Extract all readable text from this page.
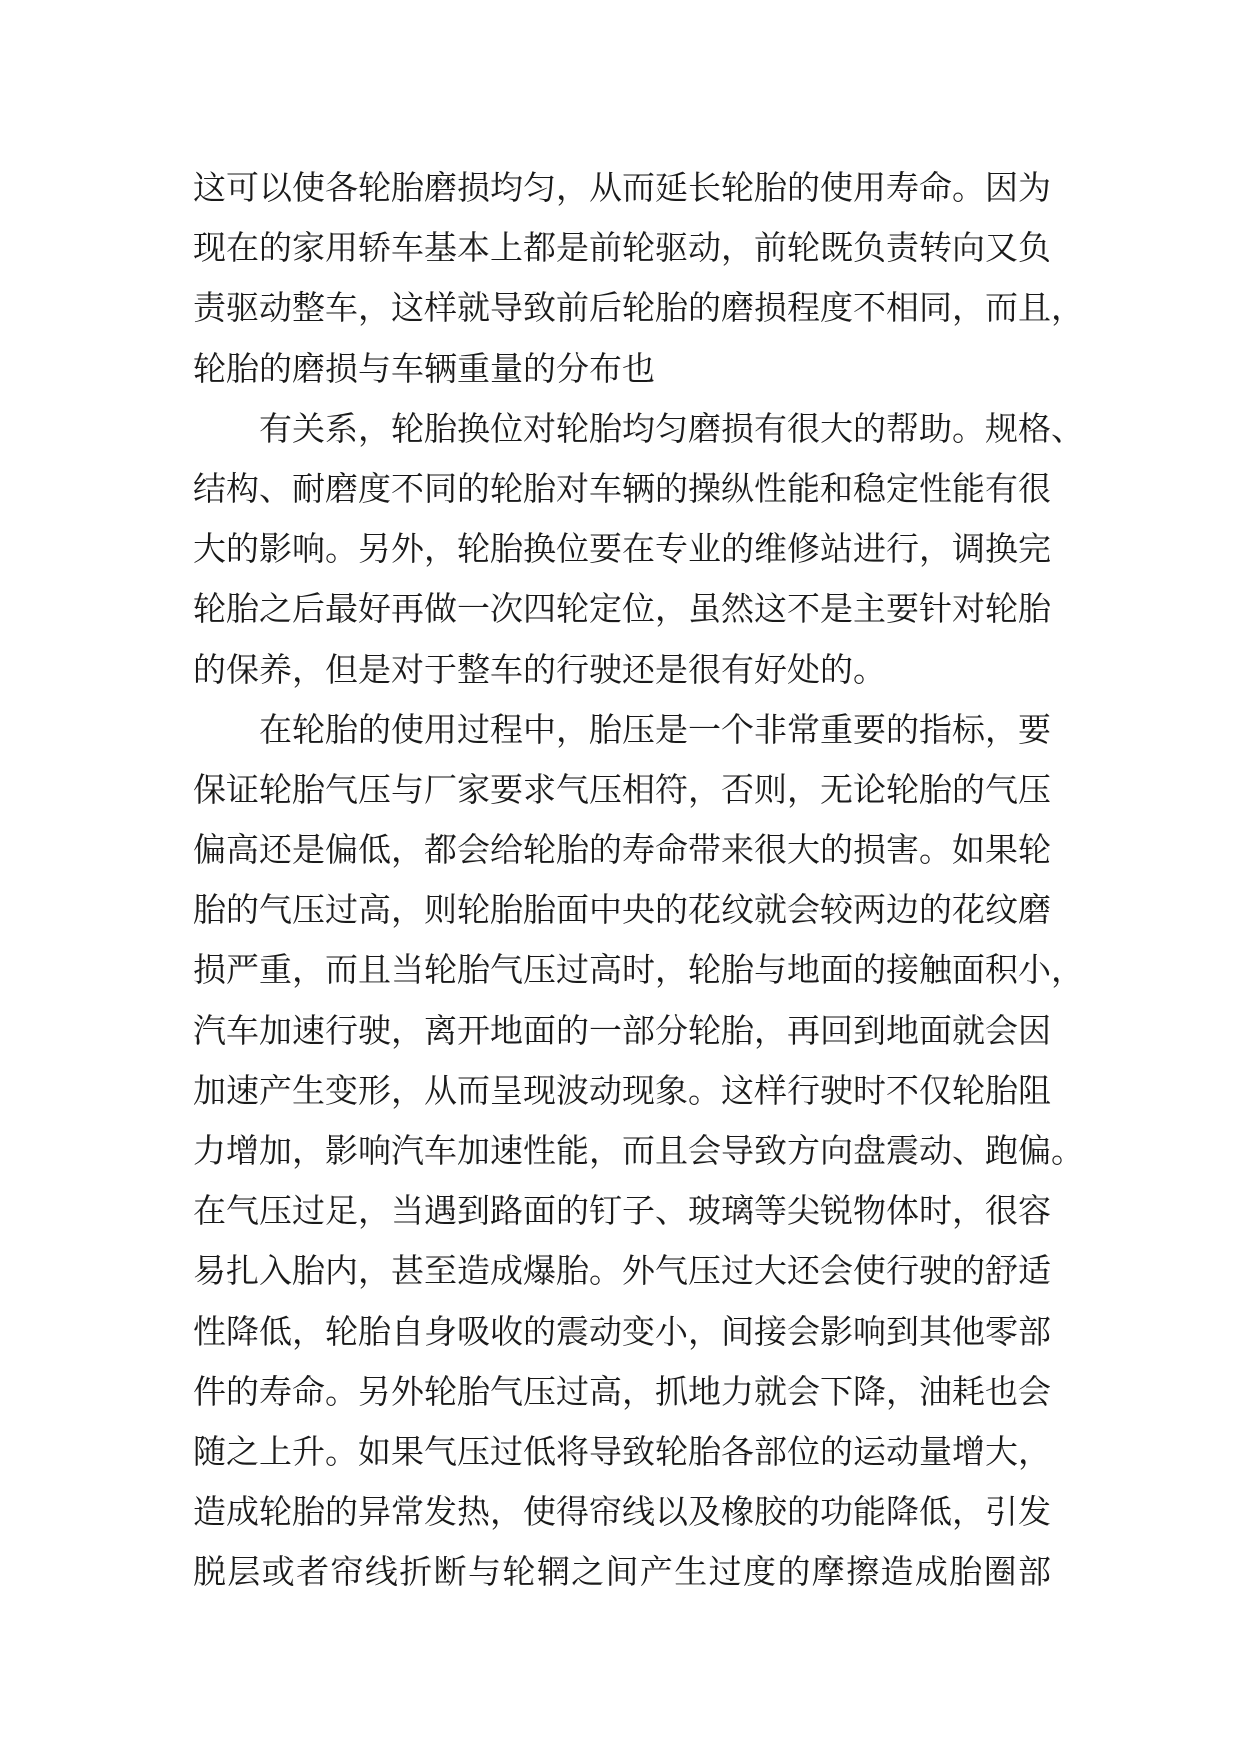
这可以使各轮胎磨损均匀，从而延长轮胎的使用寿命。因为
现在的家用轿车基本上都是前轮驱动，前轮既负责转向又负
责驱动整车，这样就导致前后轮胎的磨损程度不相同，而且，
轮胎的磨损与车辆重量的分布也
有关系，轮胎换位对轮胎均匀磨损有很大的帮助。规格、
结构、耐磨度不同的轮胎对车辆的操纵性能和稳定性能有很
大的影响。另外，轮胎换位要在专业的维修站进行，调换完
轮胎之后最好再做一次四轮定位，虽然这不是主要针对轮胎
的保养，但是对于整车的行驶还是很有好处的。
在轮胎的使用过程中，胎压是一个非常重要的指标，要
保证轮胎气压与厂家要求气压相符，否则，无论轮胎的气压
偏高还是偏低，都会给轮胎的寿命带来很大的损害。如果轮
胎的气压过高，则轮胎胎面中央的花纹就会较两边的花纹磨
损严重，而且当轮胎气压过高时，轮胎与地面的接触面积小，
汽车加速行驶，离开地面的一部分轮胎，再回到地面就会因
加速产生变形，从而呈现波动现象。这样行驶时不仅轮胎阻
力增加，影响汽车加速性能，而且会导致方向盘震动、跑偏。
在气压过足，当遇到路面的钉子、玻璃等尖锐物体时，很容
易扎入胎内，甚至造成爆胎。外气压过大还会使行驶的舒适
性降低，轮胎自身吸收的震动变小，间接会影响到其他零部
件的寿命。另外轮胎气压过高，抓地力就会下降，油耗也会
随之上升。如果气压过低将导致轮胎各部位的运动量增大，
造成轮胎的异常发热，使得帘线以及橡胶的功能降低，引发
脱层或者帘线折断与轮辋之间产生过度的摩擦造成胎圈部
